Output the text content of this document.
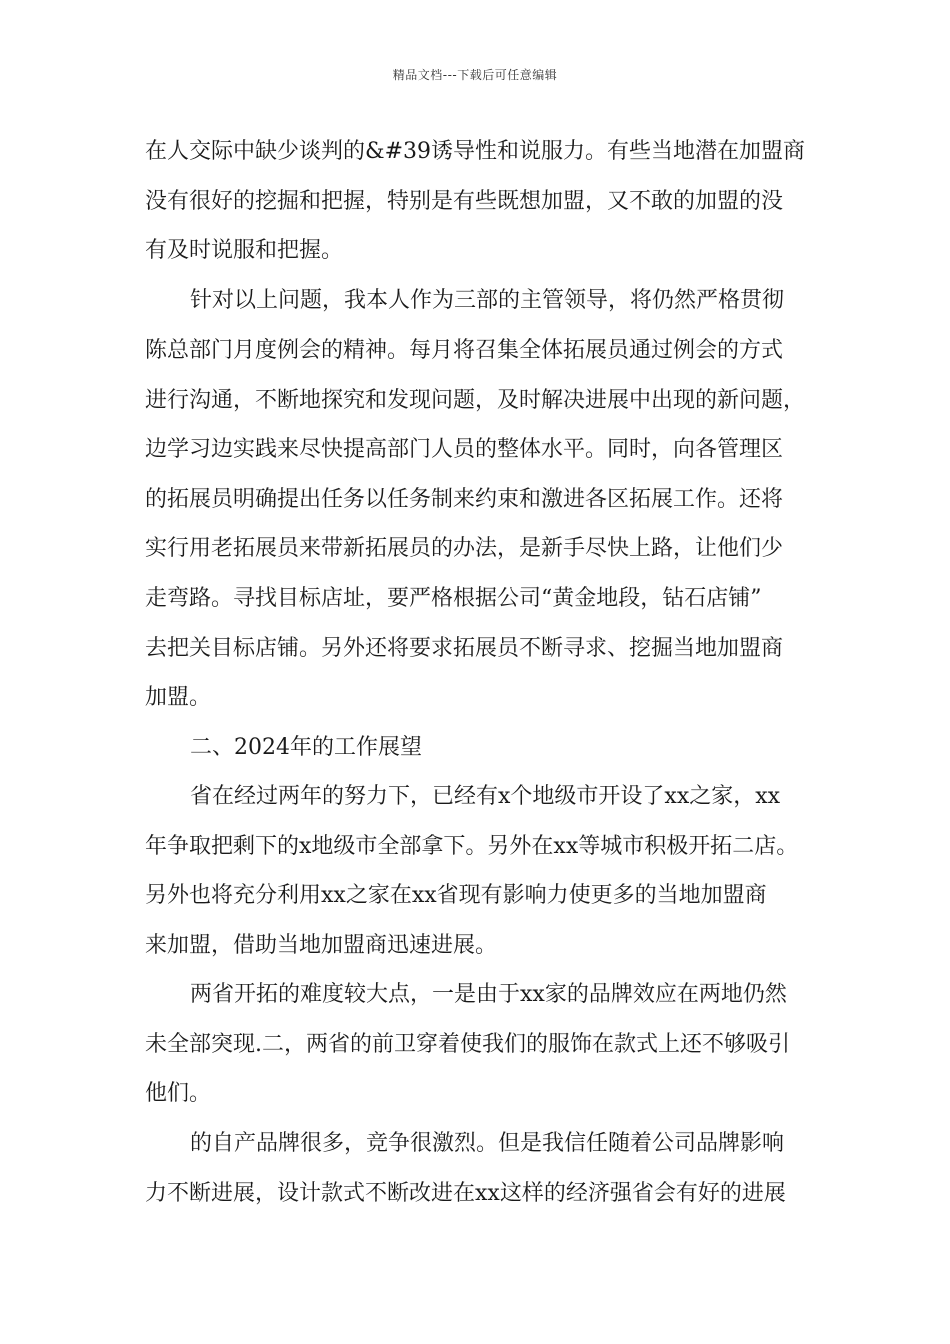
精品文档---下载后可任意编辑
在人交际中缺少谈判的&#39诱导性和说服力。有些当地潜在加盟商
没有很好的挖掘和把握，特别是有些既想加盟，又不敢的加盟的没
有及时说服和把握。
针对以上问题，我本人作为三部的主管领导，将仍然严格贯彻
陈总部门月度例会的精神。每月将召集全体拓展员通过例会的方式
进行沟通，不断地探究和发现问题，及时解决进展中出现的新问题，
边学习边实践来尽快提高部门人员的整体水平。同时，向各管理区
的拓展员明确提出任务以任务制来约束和激进各区拓展工作。还将
实行用老拓展员来带新拓展员的办法，是新手尽快上路，让他们少
走弯路。寻找目标店址，要严格根据公司“黄金地段，钻石店铺”
去把关目标店铺。另外还将要求拓展员不断寻求、挖掘当地加盟商
加盟。
二、2024年的工作展望
省在经过两年的努力下，已经有x个地级市开设了xx之家，xx
年争取把剩下的x地级市全部拿下。另外在xx等城市积极开拓二店。
另外也将充分利用xx之家在xx省现有影响力使更多的当地加盟商
来加盟，借助当地加盟商迅速进展。
两省开拓的难度较大点，一是由于xx家的品牌效应在两地仍然
未全部突现.二，两省的前卫穿着使我们的服饰在款式上还不够吸引
他们。
的自产品牌很多，竞争很激烈。但是我信任随着公司品牌影响
力不断进展，设计款式不断改进在xx这样的经济强省会有好的进展
